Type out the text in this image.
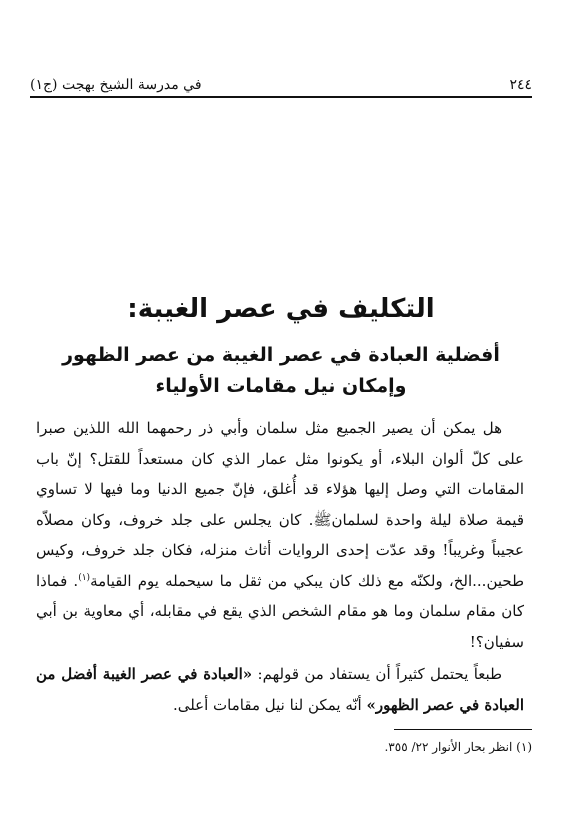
٢٤٤
في مدرسة الشيخ بهجت (ج١)
التكليف في عصر الغيبة:
أفضلية العبادة في عصر الغيبة من عصر الظهور
وإمكان نيل مقامات الأولياء

هل يمكن أن يصير الجميع مثل سلمان وأبي ذر رحمهما الله اللذين صبرا على كلّ ألوان البلاء، أو يكونوا مثل عمار الذي كان مستعداً للقتل؟ إنّ باب المقامات التي وصل إليها هؤلاء قد أُغلق، فإنّ جميع الدنيا وما فيها لا تساوي قيمة صلاة ليلة واحدة لسلمانﷺ. كان يجلس على جلد خروف، وكان مصلاّه عجيباً وغريباً! وقد عدّت إحدى الروايات أثاث منزله، فكان جلد خروف، وكيس طحين...الخ، ولكنّه مع ذلك كان يبكي من ثقل ما سيحمله يوم القيامة$^{(١)}$. فماذا كان مقام سلمان وما هو مقام الشخص الذي يقع في مقابله، أي معاوية بن أبي سفيان؟!

طبعاً يحتمل كثيراً أن يستفاد من قولهم: «العبادة في عصر الغيبة أفضل من العبادة في عصر الظهور» أنّه يمكن لنا نيل مقامات أعلى.

(١) انظر بحار الأنوار ٢٢/ ٣٥٥.
